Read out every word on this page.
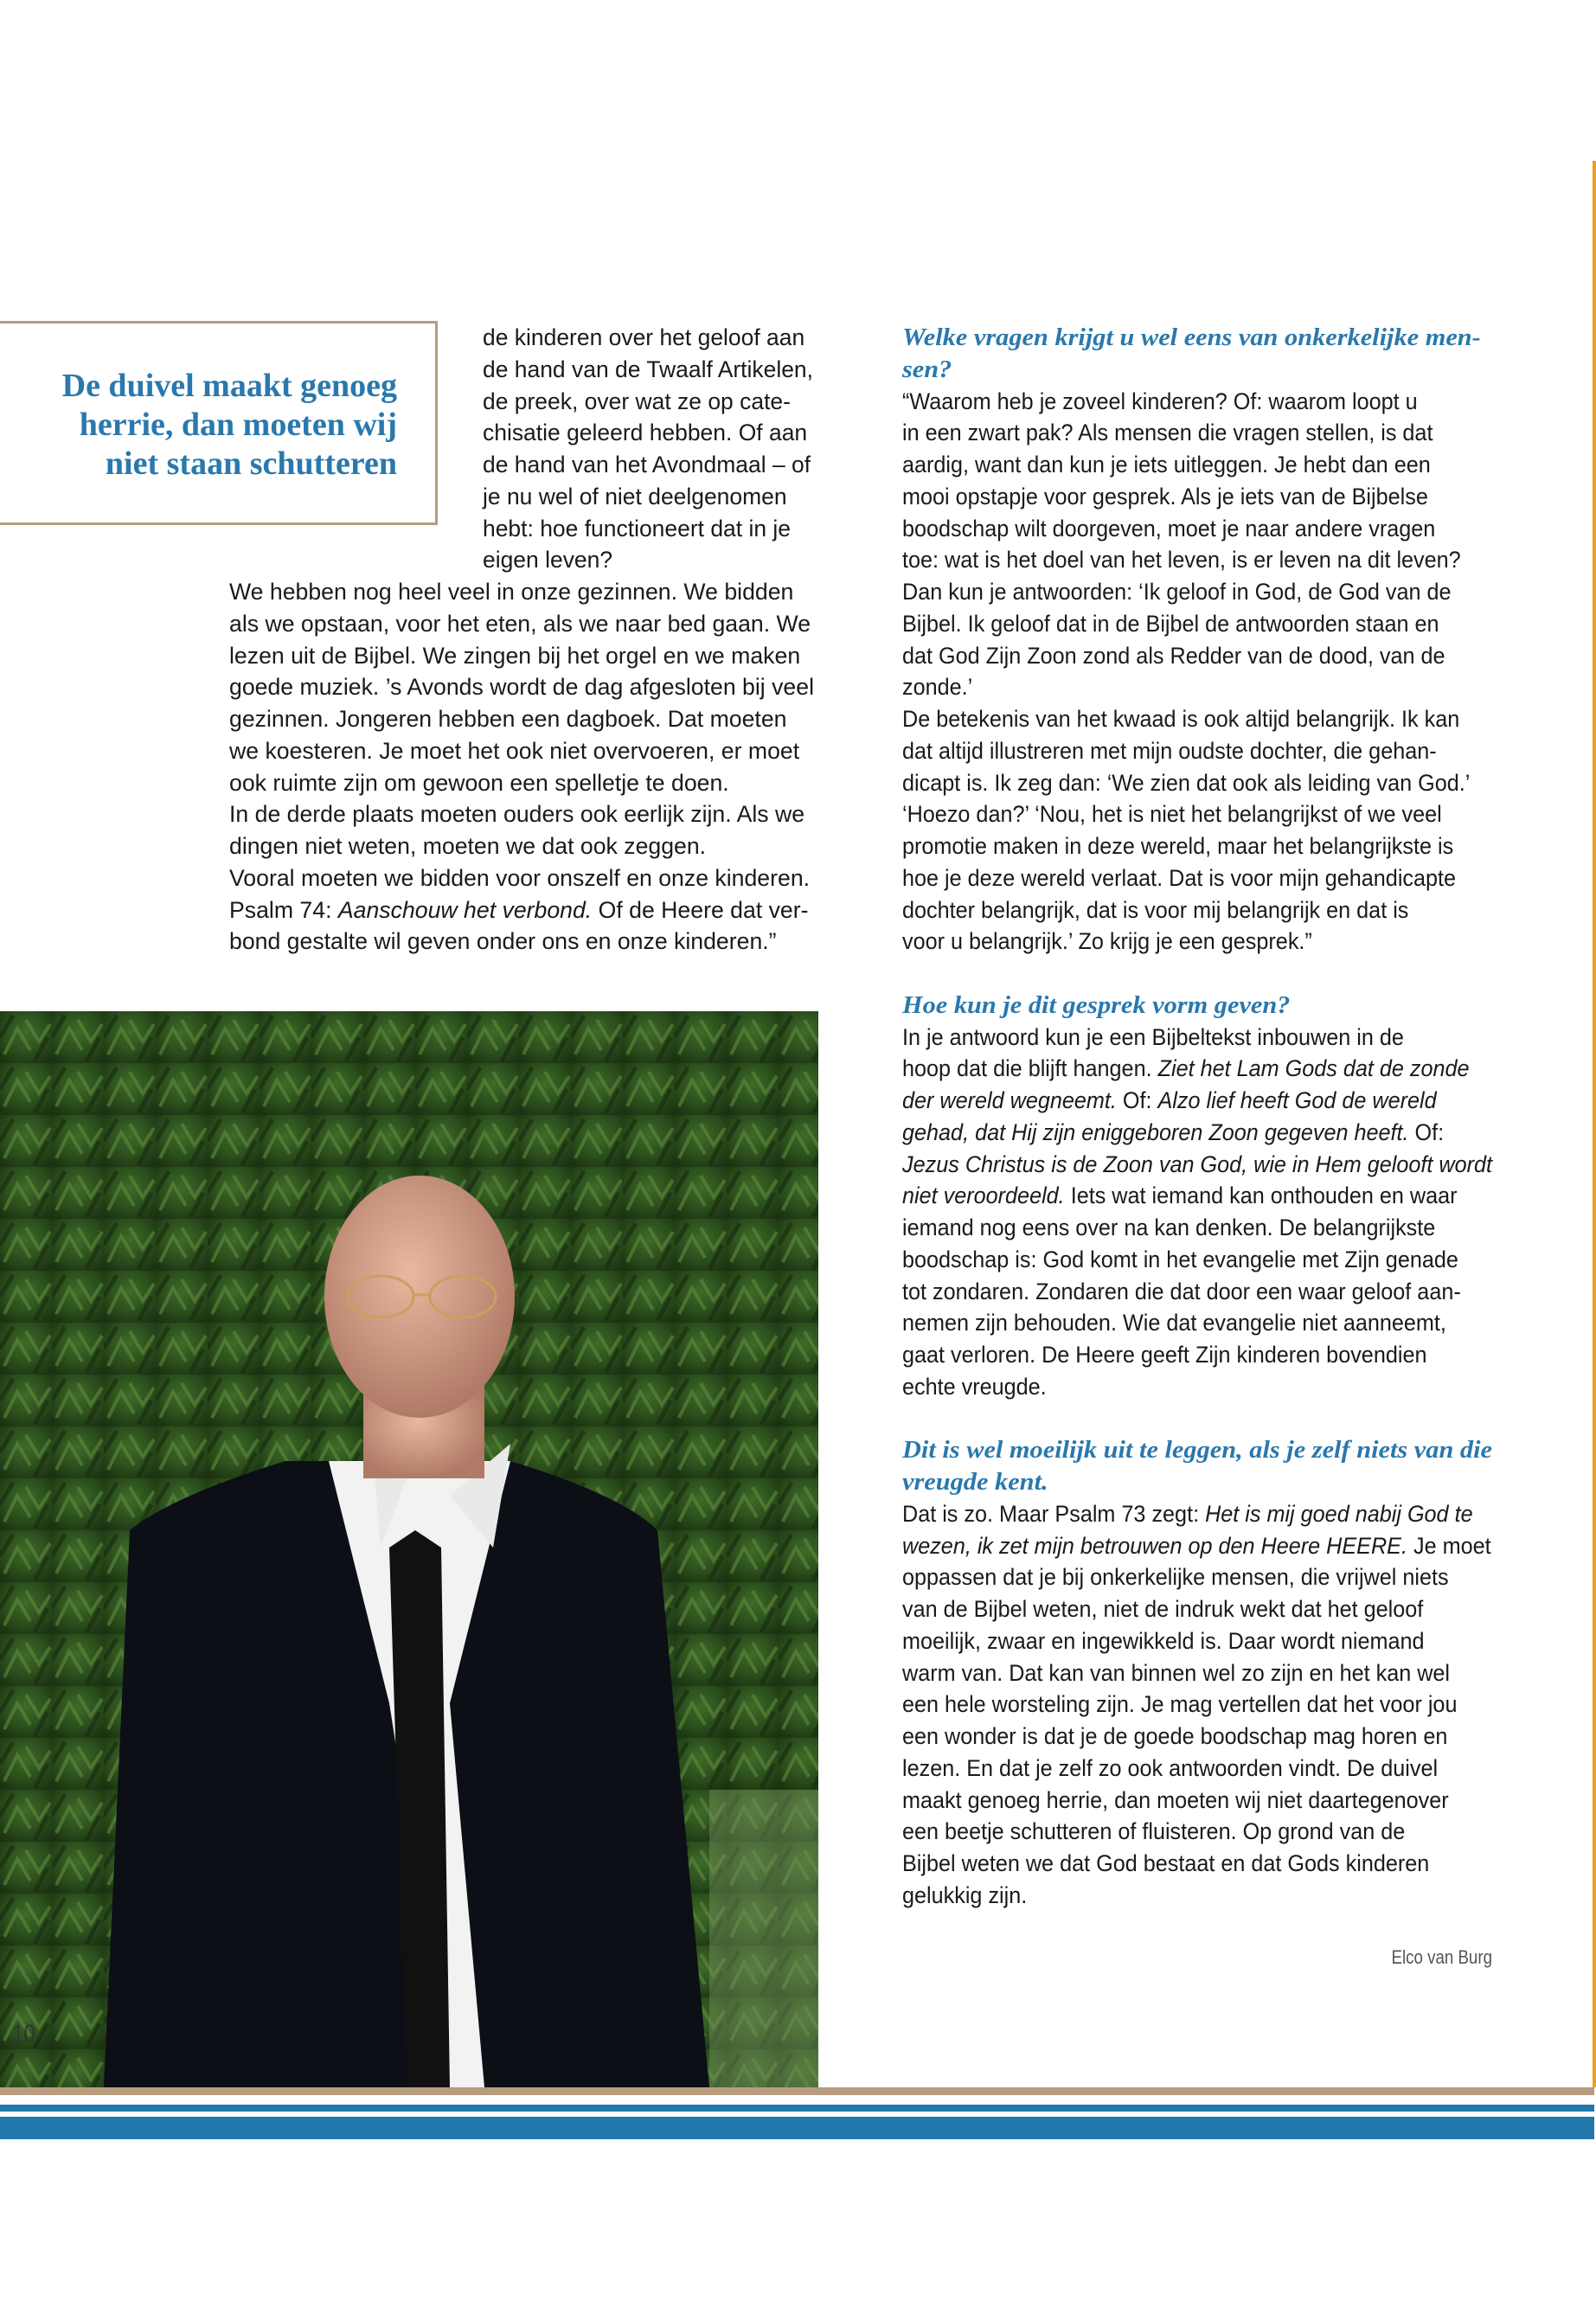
De duivel maakt genoeg
herrie, dan moeten wij
niet staan schutteren
de kinderen over het geloof aan
de hand van de Twaalf Artikelen,
de preek, over wat ze op cate-
chisatie geleerd hebben. Of aan
de hand van het Avondmaal – of
je nu wel of niet deelgenomen
hebt: hoe functioneert dat in je
eigen leven?
We hebben nog heel veel in onze gezinnen. We bidden
als we opstaan, voor het eten, als we naar bed gaan. We
lezen uit de Bijbel. We zingen bij het orgel en we maken
goede muziek. ’s Avonds wordt de dag afgesloten bij veel
gezinnen. Jongeren hebben een dagboek. Dat moeten
we koesteren. Je moet het ook niet overvoeren, er moet
ook ruimte zijn om gewoon een spelletje te doen.
In de derde plaats moeten ouders ook eerlijk zijn. Als we
dingen niet weten, moeten we dat ook zeggen.
Vooral moeten we bidden voor onszelf en onze kinderen.
Psalm 74: Aanschouw het verbond. Of de Heere dat ver-
bond gestalte wil geven onder ons en onze kinderen.”
Welke vragen krijgt u wel eens van onkerkelijke men-
sen?
“Waarom heb je zoveel kinderen? Of: waarom loopt u
in een zwart pak? Als mensen die vragen stellen, is dat
aardig, want dan kun je iets uitleggen. Je hebt dan een
mooi opstapje voor gesprek. Als je iets van de Bijbelse
boodschap wilt doorgeven, moet je naar andere vragen
toe: wat is het doel van het leven, is er leven na dit leven?
Dan kun je antwoorden: ‘Ik geloof in God, de God van de
Bijbel. Ik geloof dat in de Bijbel de antwoorden staan en
dat God Zijn Zoon zond als Redder van de dood, van de
zonde.’
De betekenis van het kwaad is ook altijd belangrijk. Ik kan
dat altijd illustreren met mijn oudste dochter, die gehan-
dicapt is. Ik zeg dan: ‘We zien dat ook als leiding van God.’
‘Hoezo dan?’ ‘Nou, het is niet het belangrijkst of we veel
promotie maken in deze wereld, maar het belangrijkste is
hoe je deze wereld verlaat. Dat is voor mijn gehandicapte
dochter belangrijk, dat is voor mij belangrijk en dat is
voor u belangrijk.’ Zo krijg je een gesprek.”
Hoe kun je dit gesprek vorm geven?
In je antwoord kun je een Bijbeltekst inbouwen in de
hoop dat die blijft hangen. Ziet het Lam Gods dat de zonde
der wereld wegneemt. Of: Alzo lief heeft God de wereld
gehad, dat Hij zijn eniggeboren Zoon gegeven heeft. Of:
Jezus Christus is de Zoon van God, wie in Hem gelooft wordt
niet veroordeeld. Iets wat iemand kan onthouden en waar
iemand nog eens over na kan denken. De belangrijkste
boodschap is: God komt in het evangelie met Zijn genade
tot zondaren. Zondaren die dat door een waar geloof aan-
nemen zijn behouden. Wie dat evangelie niet aanneemt,
gaat verloren. De Heere geeft Zijn kinderen bovendien
echte vreugde.
Dit is wel moeilijk uit te leggen, als je zelf niets van die
vreugde kent.
Dat is zo. Maar Psalm 73 zegt: Het is mij goed nabij God te
wezen, ik zet mijn betrouwen op den Heere HEERE. Je moet
oppassen dat je bij onkerkelijke mensen, die vrijwel niets
van de Bijbel weten, niet de indruk wekt dat het geloof
moeilijk, zwaar en ingewikkeld is. Daar wordt niemand
warm van. Dat kan van binnen wel zo zijn en het kan wel
een hele worsteling zijn. Je mag vertellen dat het voor jou
een wonder is dat je de goede boodschap mag horen en
lezen. En dat je zelf zo ook antwoorden vindt. De duivel
maakt genoeg herrie, dan moeten wij niet daartegenover
een beetje schutteren of fluisteren. Op grond van de
Bijbel weten we dat God bestaat en dat Gods kinderen
gelukkig zijn.
Elco van Burg
10
